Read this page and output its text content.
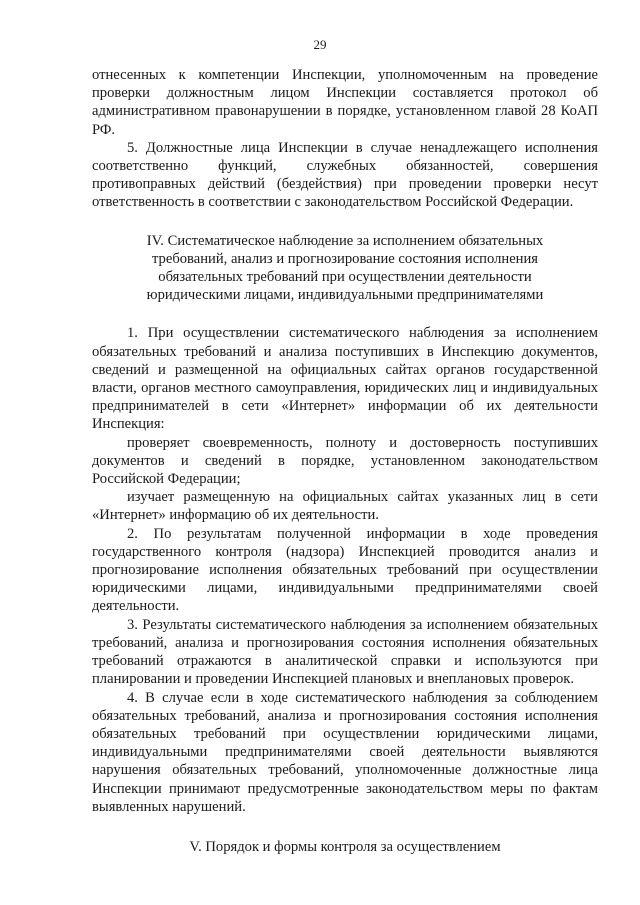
29

отнесенных к компетенции Инспекции, уполномоченным на проведение проверки должностным лицом Инспекции составляется протокол об административном правонарушении в порядке, установленном главой 28 КоАП РФ.

5. Должностные лица Инспекции в случае ненадлежащего исполнения соответственно функций, служебных обязанностей, совершения противоправных действий (бездействия) при проведении проверки несут ответственность в соответствии с законодательством Российской Федерации.

IV. Систематическое наблюдение за исполнением обязательных требований, анализ и прогнозирование состояния исполнения обязательных требований при осуществлении деятельности юридическими лицами, индивидуальными предпринимателями

1. При осуществлении систематического наблюдения за исполнением обязательных требований и анализа поступивших в Инспекцию документов, сведений и размещенной на официальных сайтах органов государственной власти, органов местного самоуправления, юридических лиц и индивидуальных предпринимателей в сети «Интернет» информации об их деятельности Инспекция:

проверяет своевременность, полноту и достоверность поступивших документов и сведений в порядке, установленном законодательством Российской Федерации;

изучает размещенную на официальных сайтах указанных лиц в сети «Интернет» информацию об их деятельности.

2. По результатам полученной информации в ходе проведения государственного контроля (надзора) Инспекцией проводится анализ и прогнозирование исполнения обязательных требований при осуществлении юридическими лицами, индивидуальными предпринимателями своей деятельности.

3. Результаты систематического наблюдения за исполнением обязательных требований, анализа и прогнозирования состояния исполнения обязательных требований отражаются в аналитической справки и используются при планировании и проведении Инспекцией плановых и внеплановых проверок.

4. В случае если в ходе систематического наблюдения за соблюдением обязательных требований, анализа и прогнозирования состояния исполнения обязательных требований при осуществлении юридическими лицами, индивидуальными предпринимателями своей деятельности выявляются нарушения обязательных требований, уполномоченные должностные лица Инспекции принимают предусмотренные законодательством меры по фактам выявленных нарушений.

V. Порядок и формы контроля за осуществлением
